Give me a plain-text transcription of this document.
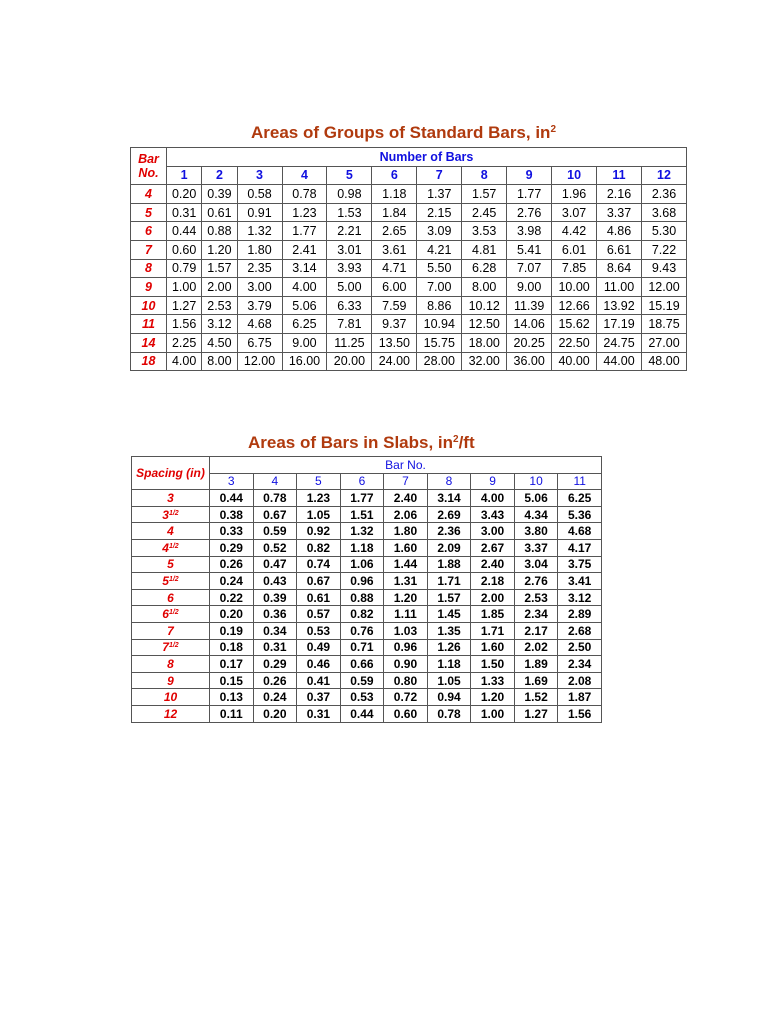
Areas of Groups of Standard Bars, $in^2$
Bar
No.	Number of Bars											
	1	2	3	4	5	6	7	8	9	10	11	12
4	0.20	0.39	0.58	0.78	0.98	1.18	1.37	1.57	1.77	1.96	2.16	2.36
5	0.31	0.61	0.91	1.23	1.53	1.84	2.15	2.45	2.76	3.07	3.37	3.68
6	0.44	0.88	1.32	1.77	2.21	2.65	3.09	3.53	3.98	4.42	4.86	5.30
7	0.60	1.20	1.80	2.41	3.01	3.61	4.21	4.81	5.41	6.01	6.61	7.22
8	0.79	1.57	2.35	3.14	3.93	4.71	5.50	6.28	7.07	7.85	8.64	9.43
9	1.00	2.00	3.00	4.00	5.00	6.00	7.00	8.00	9.00	10.00	11.00	12.00
10	1.27	2.53	3.79	5.06	6.33	7.59	8.86	10.12	11.39	12.66	13.92	15.19
11	1.56	3.12	4.68	6.25	7.81	9.37	10.94	12.50	14.06	15.62	17.19	18.75
14	2.25	4.50	6.75	9.00	11.25	13.50	15.75	18.00	20.25	22.50	24.75	27.00
18	4.00	8.00	12.00	16.00	20.00	24.00	28.00	32.00	36.00	40.00	44.00	48.00
Areas of Bars in Slabs, $in^2/ft$
Spacing (in)	Bar No.								
	3	4	5	6	7	8	9	10	11
3	0.44	0.78	1.23	1.77	2.40	3.14	4.00	5.06	6.25
$3^{1/2}$	0.38	0.67	1.05	1.51	2.06	2.69	3.43	4.34	5.36
4	0.33	0.59	0.92	1.32	1.80	2.36	3.00	3.80	4.68
$4^{1/2}$	0.29	0.52	0.82	1.18	1.60	2.09	2.67	3.37	4.17
5	0.26	0.47	0.74	1.06	1.44	1.88	2.40	3.04	3.75
$5^{1/2}$	0.24	0.43	0.67	0.96	1.31	1.71	2.18	2.76	3.41
6	0.22	0.39	0.61	0.88	1.20	1.57	2.00	2.53	3.12
$6^{1/2}$	0.20	0.36	0.57	0.82	1.11	1.45	1.85	2.34	2.89
7	0.19	0.34	0.53	0.76	1.03	1.35	1.71	2.17	2.68
$7^{1/2}$	0.18	0.31	0.49	0.71	0.96	1.26	1.60	2.02	2.50
8	0.17	0.29	0.46	0.66	0.90	1.18	1.50	1.89	2.34
9	0.15	0.26	0.41	0.59	0.80	1.05	1.33	1.69	2.08
10	0.13	0.24	0.37	0.53	0.72	0.94	1.20	1.52	1.87
12	0.11	0.20	0.31	0.44	0.60	0.78	1.00	1.27	1.56
